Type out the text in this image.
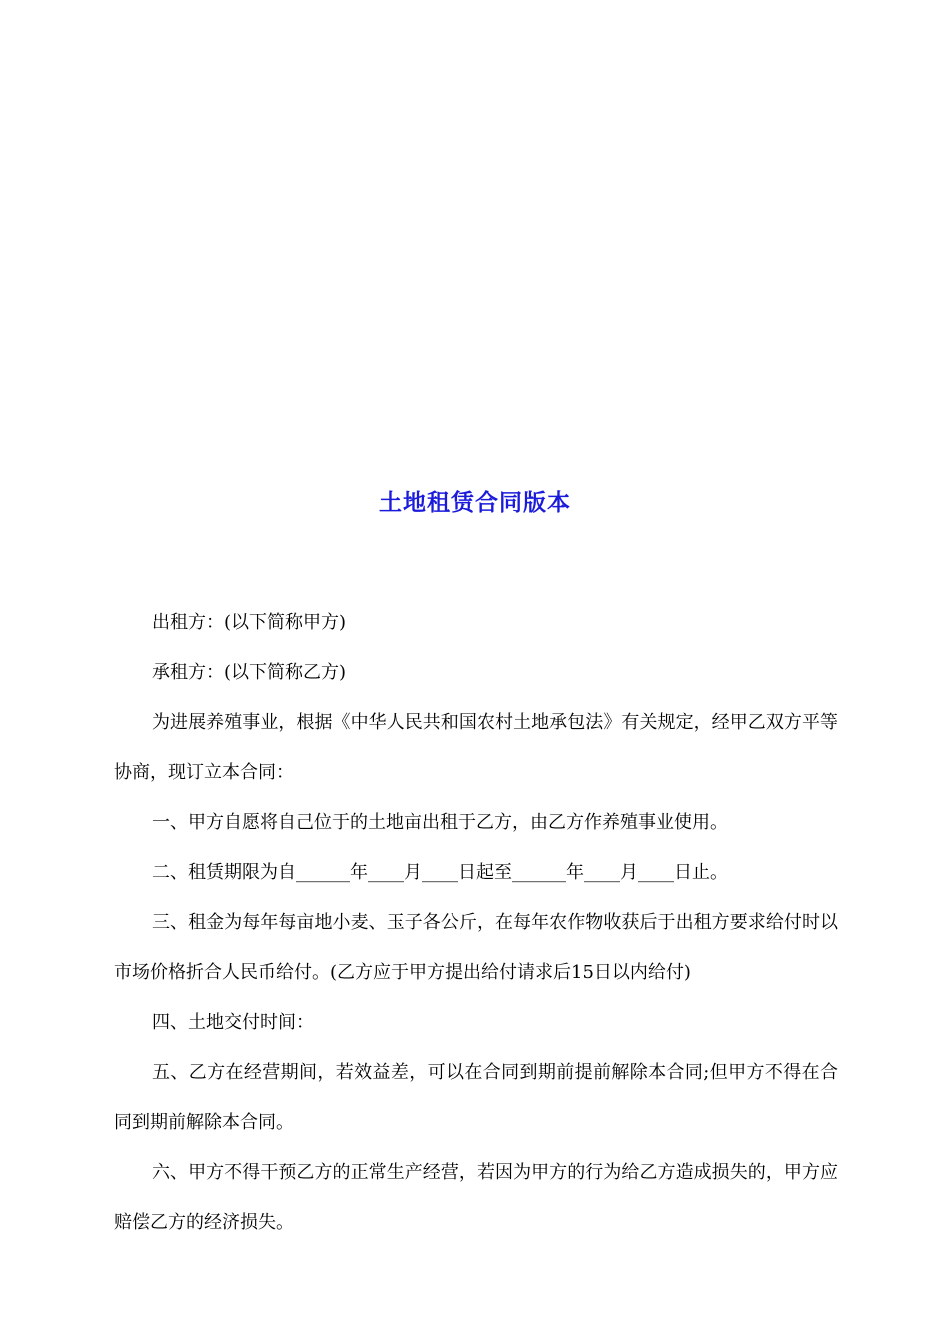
土地租赁合同版本

出租方：(以下简称甲方)

承租方：(以下简称乙方)

为进展养殖事业，根据《中华人民共和国农村土地承包法》有关规定，经甲乙双方平等协商，现订立本合同：

一、甲方自愿将自己位于的土地亩出租于乙方，由乙方作养殖事业使用。

二、租赁期限为自______年____月____日起至______年____月____日止。

三、租金为每年每亩地小麦、玉子各公斤，在每年农作物收获后于出租方要求给付时以市场价格折合人民币给付。(乙方应于甲方提出给付请求后15日以内给付)

四、土地交付时间：

五、乙方在经营期间，若效益差，可以在合同到期前提前解除本合同;但甲方不得在合同到期前解除本合同。

六、甲方不得干预乙方的正常生产经营，若因为甲方的行为给乙方造成损失的，甲方应赔偿乙方的经济损失。
